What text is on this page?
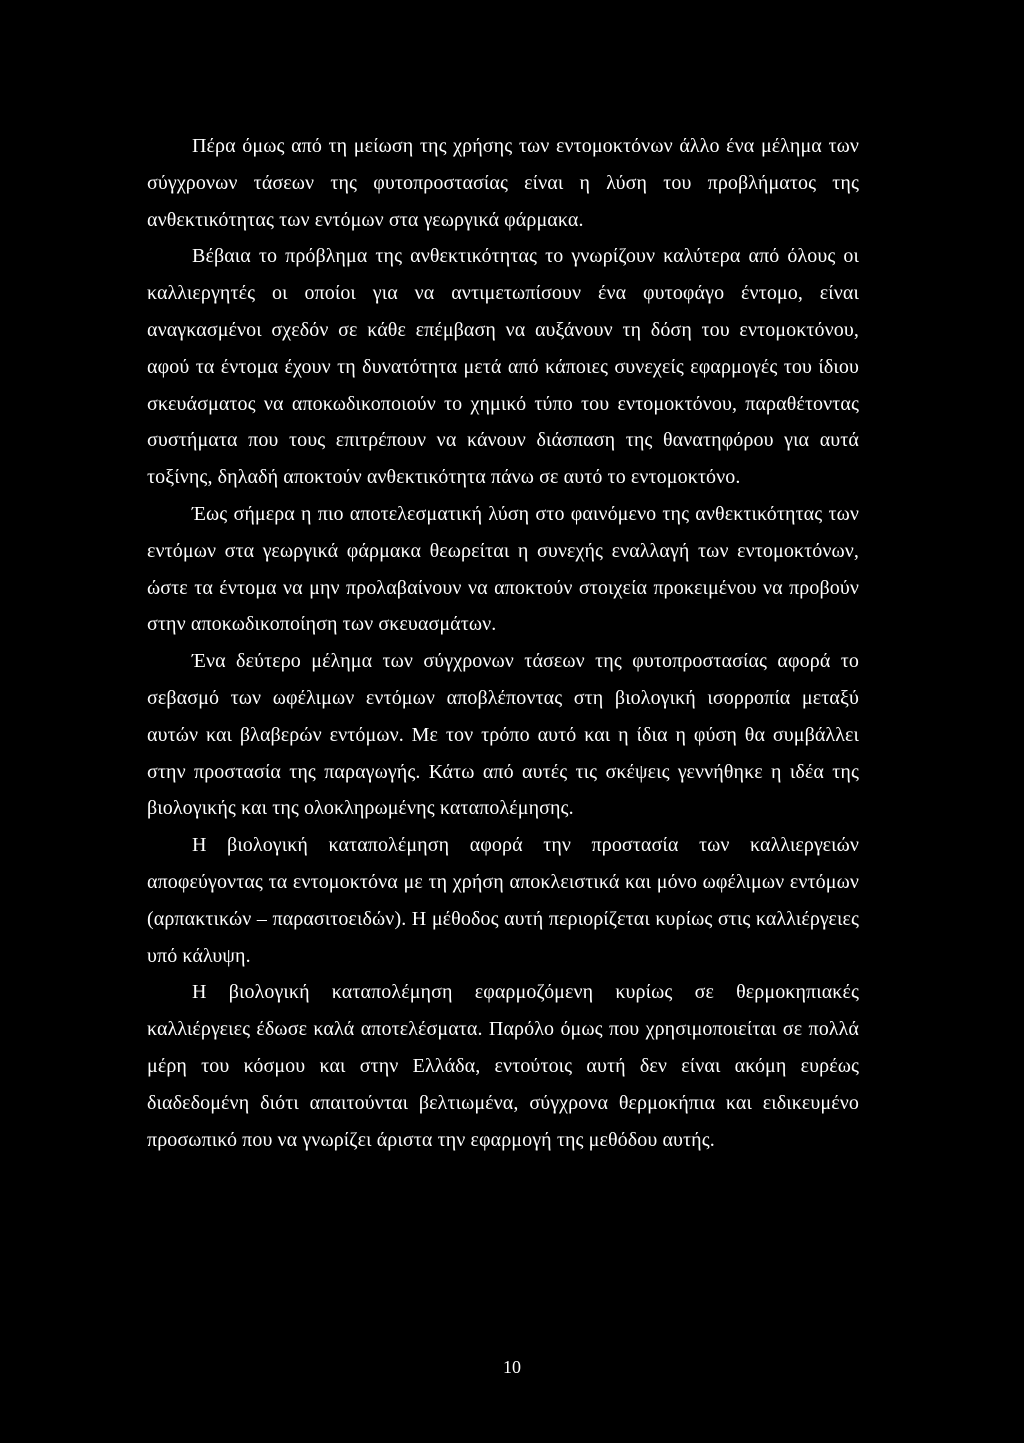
Πέρα όμως από τη μείωση της χρήσης των εντομοκτόνων άλλο ένα μέλημα των σύγχρονων τάσεων της φυτοπροστασίας είναι η λύση του προβλήματος της ανθεκτικότητας των εντόμων στα γεωργικά φάρμακα.

Βέβαια το πρόβλημα της ανθεκτικότητας το γνωρίζουν καλύτερα από όλους οι καλλιεργητές οι οποίοι για να αντιμετωπίσουν ένα φυτοφάγο έντομο, είναι αναγκασμένοι σχεδόν σε κάθε επέμβαση να αυξάνουν τη δόση του εντομοκτόνου, αφού τα έντομα έχουν τη δυνατότητα μετά από κάποιες συνεχείς εφαρμογές του ίδιου σκευάσματος να αποκωδικοποιούν το χημικό τύπο του εντομοκτόνου, παραθέτοντας συστήματα που τους επιτρέπουν να κάνουν διάσπαση της θανατηφόρου για αυτά τοξίνης, δηλαδή αποκτούν ανθεκτικότητα πάνω σε αυτό το εντομοκτόνο.

Έως σήμερα η πιο αποτελεσματική λύση στο φαινόμενο της ανθεκτικότητας των εντόμων στα γεωργικά φάρμακα θεωρείται η συνεχής εναλλαγή των εντομοκτόνων, ώστε τα έντομα να μην προλαβαίνουν να αποκτούν στοιχεία προκειμένου να προβούν στην αποκωδικοποίηση των σκευασμάτων.

Ένα δεύτερο μέλημα των σύγχρονων τάσεων της φυτοπροστασίας αφορά το σεβασμό των ωφέλιμων εντόμων αποβλέποντας στη βιολογική ισορροπία μεταξύ αυτών και βλαβερών εντόμων. Με τον τρόπο αυτό και η ίδια η φύση θα συμβάλλει στην προστασία της παραγωγής. Κάτω από αυτές τις σκέψεις γεννήθηκε η ιδέα της βιολογικής και της ολοκληρωμένης καταπολέμησης.

Η βιολογική καταπολέμηση αφορά την προστασία των καλλιεργειών αποφεύγοντας τα εντομοκτόνα με τη χρήση αποκλειστικά και μόνο ωφέλιμων εντόμων (αρπακτικών – παρασιτοειδών). Η μέθοδος αυτή περιορίζεται κυρίως στις καλλιέργειες υπό κάλυψη.

Η βιολογική καταπολέμηση εφαρμοζόμενη κυρίως σε θερμοκηπιακές καλλιέργειες έδωσε καλά αποτελέσματα. Παρόλο όμως που χρησιμοποιείται σε πολλά μέρη του κόσμου και στην Ελλάδα, εντούτοις αυτή δεν είναι ακόμη ευρέως διαδεδομένη διότι απαιτούνται βελτιωμένα, σύγχρονα θερμοκήπια και ειδικευμένο προσωπικό που να γνωρίζει άριστα την εφαρμογή της μεθόδου αυτής.

10
